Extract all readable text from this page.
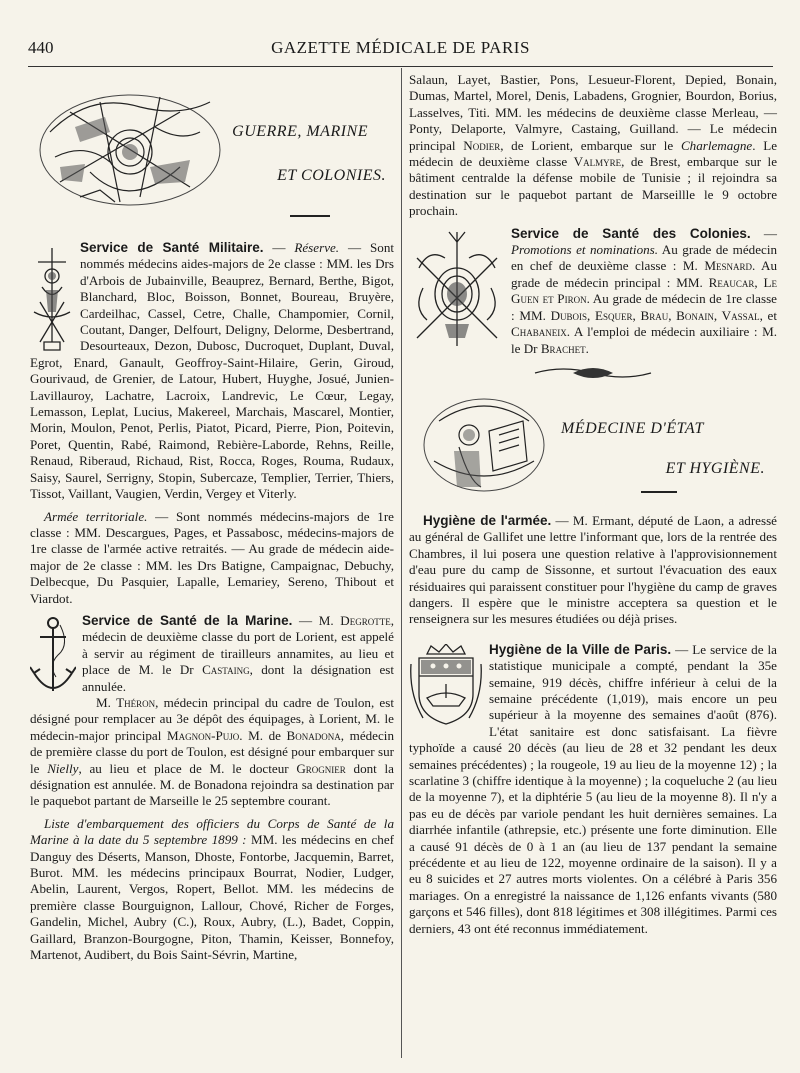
440	GAZETTE MÉDICALE DE PARIS
GUERRE, MARINE
ET COLONIES.

Service de Santé Militaire. — Réserve. — Sont nommés médecins aides-majors de 2e classe : MM. les Drs d'Arbois de Jubainville, Beauprez, Bernard, Berthe, Bigot, Blanchard, Bloc, Boisson, Bonnet, Boureau, Bruyère, Cardeilhac, Cassel, Cetre, Challe, Champomier, Cornil, Coutant, Danger, Delfourt, Deligny, Delorme, Desbertrand, Desourteaux, Dezon, Dubosc, Ducroquet, Duplant, Duval, Egrot, Enard, Ganault, Geoffroy-Saint-Hilaire, Gerin, Giroud, Gourivaud, de Grenier, de Latour, Hubert, Huyghe, Josué, Junien-Lavillauroy, Lachatre, Lacroix, Landrevic, Le Cœur, Legay, Lemasson, Leplat, Lucius, Makereel, Marchais, Mascarel, Montier, Morin, Moulon, Penot, Perlis, Piatot, Picard, Pierre, Pion, Poitevin, Poret, Quentin, Rabé, Raimond, Rebière-Laborde, Rehns, Reille, Renaud, Riberaud, Richaud, Rist, Rocca, Roges, Rouma, Rudaux, Saisy, Saurel, Serrigny, Stopin, Subercaze, Templier, Terrier, Thiers, Tissot, Vaillant, Vaugien, Verdin, Vergey et Viterly.

Armée territoriale. — Sont nommés médecins-majors de 1re classe : MM. Descargues, Pages, et Passabosc, médecins-majors de 1re classe de l'armée active retraités. — Au grade de médecin aide-major de 2e classe : MM. les Drs Batigne, Campaignac, Debuchy, Delbecque, Du Pasquier, Lapalle, Lemariey, Sereno, Thibout et Viardot.

Service de Santé de la Marine. — M. Degrotte, médecin de deuxième classe du port de Lorient, est appelé à servir au régiment de tirailleurs annamites, au lieu et place de M. le Dr Castaing, dont la désignation est annulée.

M. Théron, médecin principal du cadre de Toulon, est désigné pour remplacer au 3e dépôt des équipages, à Lorient, M. le médecin-major principal Magnon-Pujo. M. de Bonadona, médecin de première classe du port de Toulon, est désigné pour embarquer sur le Nielly, au lieu et place de M. le docteur Grognier dont la désignation est annulée. M. de Bonadona rejoindra sa destination par le paquebot partant de Marseille le 25 septembre courant.

Liste d'embarquement des officiers du Corps de Santé de la Marine à la date du 5 septembre 1899 : MM. les médecins en chef Danguy des Déserts, Manson, Dhoste, Fontorbe, Jacquemin, Barret, Burot. MM. les médecins principaux Bourrat, Nodier, Ludger, Abelin, Laurent, Vergos, Ropert, Bellot. MM. les médecins de première classe Bourguignon, Lallour, Chové, Richer de Forges, Gandelin, Michel, Aubry (C.), Roux, Aubry, (L.), Badet, Coppin, Gaillard, Branzon-Bourgogne, Piton, Thamin, Keisser, Bonnefoy, Martenot, Audibert, du Bois Saint-Sévrin, Martine,

Salaun, Layet, Bastier, Pons, Lesueur-Florent, Depied, Bonain, Dumas, Martel, Morel, Denis, Labadens, Grognier, Bourdon, Borius, Lasselves, Titi. MM. les médecins de deuxième classe Merleau, — Ponty, Delaporte, Valmyre, Castaing, Guilland. — Le médecin principal Nodier, de Lorient, embarque sur le Charlemagne. Le médecin de deuxième classe Valmyre, de Brest, embarque sur le bâtiment centralde la défense mobile de Tunisie ; il rejoindra sa destination sur le paquebot partant de Marseillle le 9 octobre prochain.

Service de Santé des Colonies. — Promotions et nominations. Au grade de médecin en chef de deuxième classe : M. Mesnard. Au grade de médecin principal : MM. Reaucar, Le Guen et Piron. Au grade de médecin de 1re classe : MM. Dubois, Esquer, Brau, Bonain, Vassal, et Chabaneix. A l'emploi de médecin auxiliaire : M. le Dr Brachet.

MÉDECINE D'ÉTAT
ET HYGIÈNE.

Hygiène de l'armée. — M. Ermant, député de Laon, a adressé au général de Gallifet une lettre l'informant que, lors de la rentrée des Chambres, il lui posera une question relative à l'approvisionnement d'eau pure du camp de Sissonne, et surtout l'évacuation des eaux résiduaires qui paraissent constituer pour l'hygiène du camp de graves dangers. Il espère que le ministre acceptera sa question et le renseignera sur les mesures étudiées ou déjà prises.

Hygiène de la Ville de Paris. — Le service de la statistique municipale a compté, pendant la 35e semaine, 919 décès, chiffre inférieur à celui de la semaine précédente (1,019), mais encore un peu supérieur à la moyenne des semaines d'août (876). L'état sanitaire est donc satisfaisant. La fièvre typhoïde a causé 20 décès (au lieu de 28 et 32 pendant les deux semaines précédentes) ; la rougeole, 19 au lieu de la moyenne 12) ; la scarlatine 3 (chiffre identique à la moyenne) ; la coqueluche 2 (au lieu de la moyenne 7), et la diphtérie 5 (au lieu de la moyenne 8). Il n'y a pas eu de décès par variole pendant les huit dernières semaines. La diarrhée infantile (athrepsie, etc.) présente une forte diminution. Elle a causé 91 décès de 0 à 1 an (au lieu de 137 pendant la semaine précédente et au lieu de 122, moyenne ordinaire de la saison). Il y a eu 8 suicides et 27 autres morts violentes. On a célébré à Paris 356 mariages. On a enregistré la naissance de 1,126 enfants vivants (580 garçons et 546 filles), dont 818 légitimes et 308 illégitimes. Parmi ces derniers, 43 ont été reconnus immédiatement.
